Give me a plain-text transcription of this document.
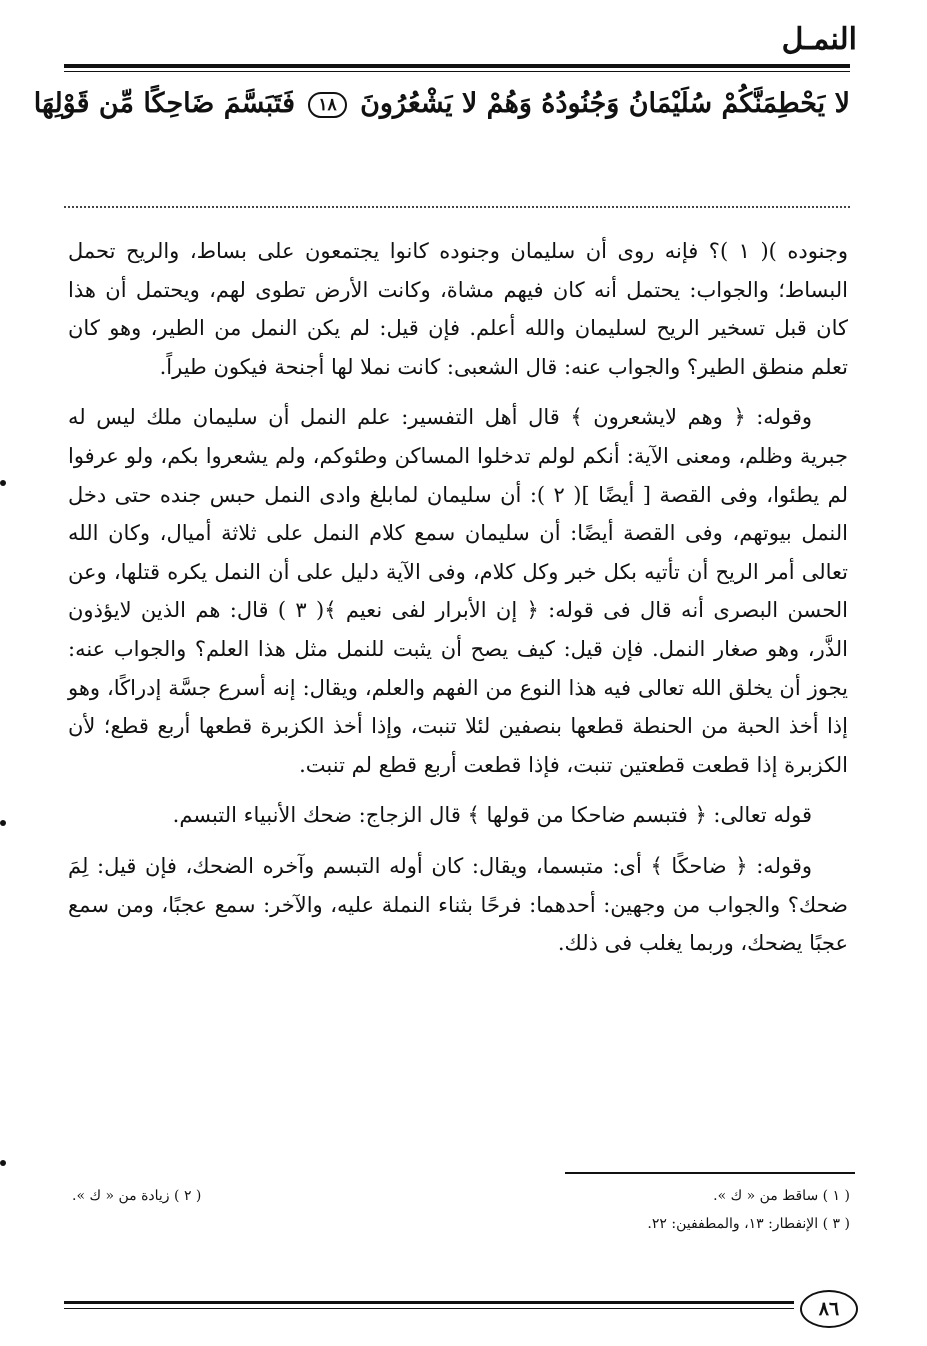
النمـل
لا يَحْطِمَنَّكُمْ سُلَيْمَانُ وَجُنُودُهُ وَهُمْ لا يَشْعُرُونَ ١٨ فَتَبَسَّمَ ضَاحِكًا مِّن قَوْلِهَا

وجنوده )( ١ )؟ فإنه روى أن سليمان وجنوده كانوا يجتمعون على بساط، والريح تحمل البساط؛ والجواب: يحتمل أنه كان فيهم مشاة، وكانت الأرض تطوى لهم، ويحتمل أن هذا كان قبل تسخير الريح لسليمان والله أعلم. فإن قيل: لم يكن النمل من الطير، وهو كان تعلم منطق الطير؟ والجواب عنه: قال الشعبى: كانت نملا لها أجنحة فيكون طيراً.

وقوله: ﴿ وهم لايشعرون ﴾ قال أهل التفسير: علم النمل أن سليمان ملك ليس له جبرية وظلم، ومعنى الآية: أنكم لولم تدخلوا المساكن وطئوكم، ولم يشعروا بكم، ولو عرفوا لم يطئوا، وفى القصة [ أيضًا ]( ٢ ): أن سليمان لمابلغ وادى النمل حبس جنده حتى دخل النمل بيوتهم، وفى القصة أيضًا: أن سليمان سمع كلام النمل على ثلاثة أميال، وكان الله تعالى أمر الريح أن تأتيه بكل خبر وكل كلام، وفى الآية دليل على أن النمل يكره قتلها، وعن الحسن البصرى أنه قال فى قوله: ﴿ إن الأبرار لفى نعيم ﴾( ٣ ) قال: هم الذين لايؤذون الذَّر، وهو صغار النمل. فإن قيل: كيف يصح أن يثبت للنمل مثل هذا العلم؟ والجواب عنه: يجوز أن يخلق الله تعالى فيه هذا النوع من الفهم والعلم، ويقال: إنه أسرع جسَّة إدراكًا، وهو إذا أخذ الحبة من الحنطة قطعها بنصفين لئلا تنبت، وإذا أخذ الكزبرة قطعها أربع قطع؛ لأن الكزبرة إذا قطعت قطعتين تنبت، فإذا قطعت أربع قطع لم تنبت.

قوله تعالى: ﴿ فتبسم ضاحكا من قولها ﴾ قال الزجاج: ضحك الأنبياء التبسم.

وقوله: ﴿ ضاحكًا ﴾ أى: متبسما، ويقال: كان أوله التبسم وآخره الضحك، فإن قيل: لِمَ ضحك؟ والجواب من وجهين: أحدهما: فرحًا بثناء النملة عليه، والآخر: سمع عجبًا، ومن سمع عجبًا يضحك، وربما يغلب فى ذلك.

( ١ ) ساقط من « ك ».
( ٢ ) زيادة من « ك ».
( ٣ ) الإنفطار: ١٣، والمطففين: ٢٢.
٨٦
